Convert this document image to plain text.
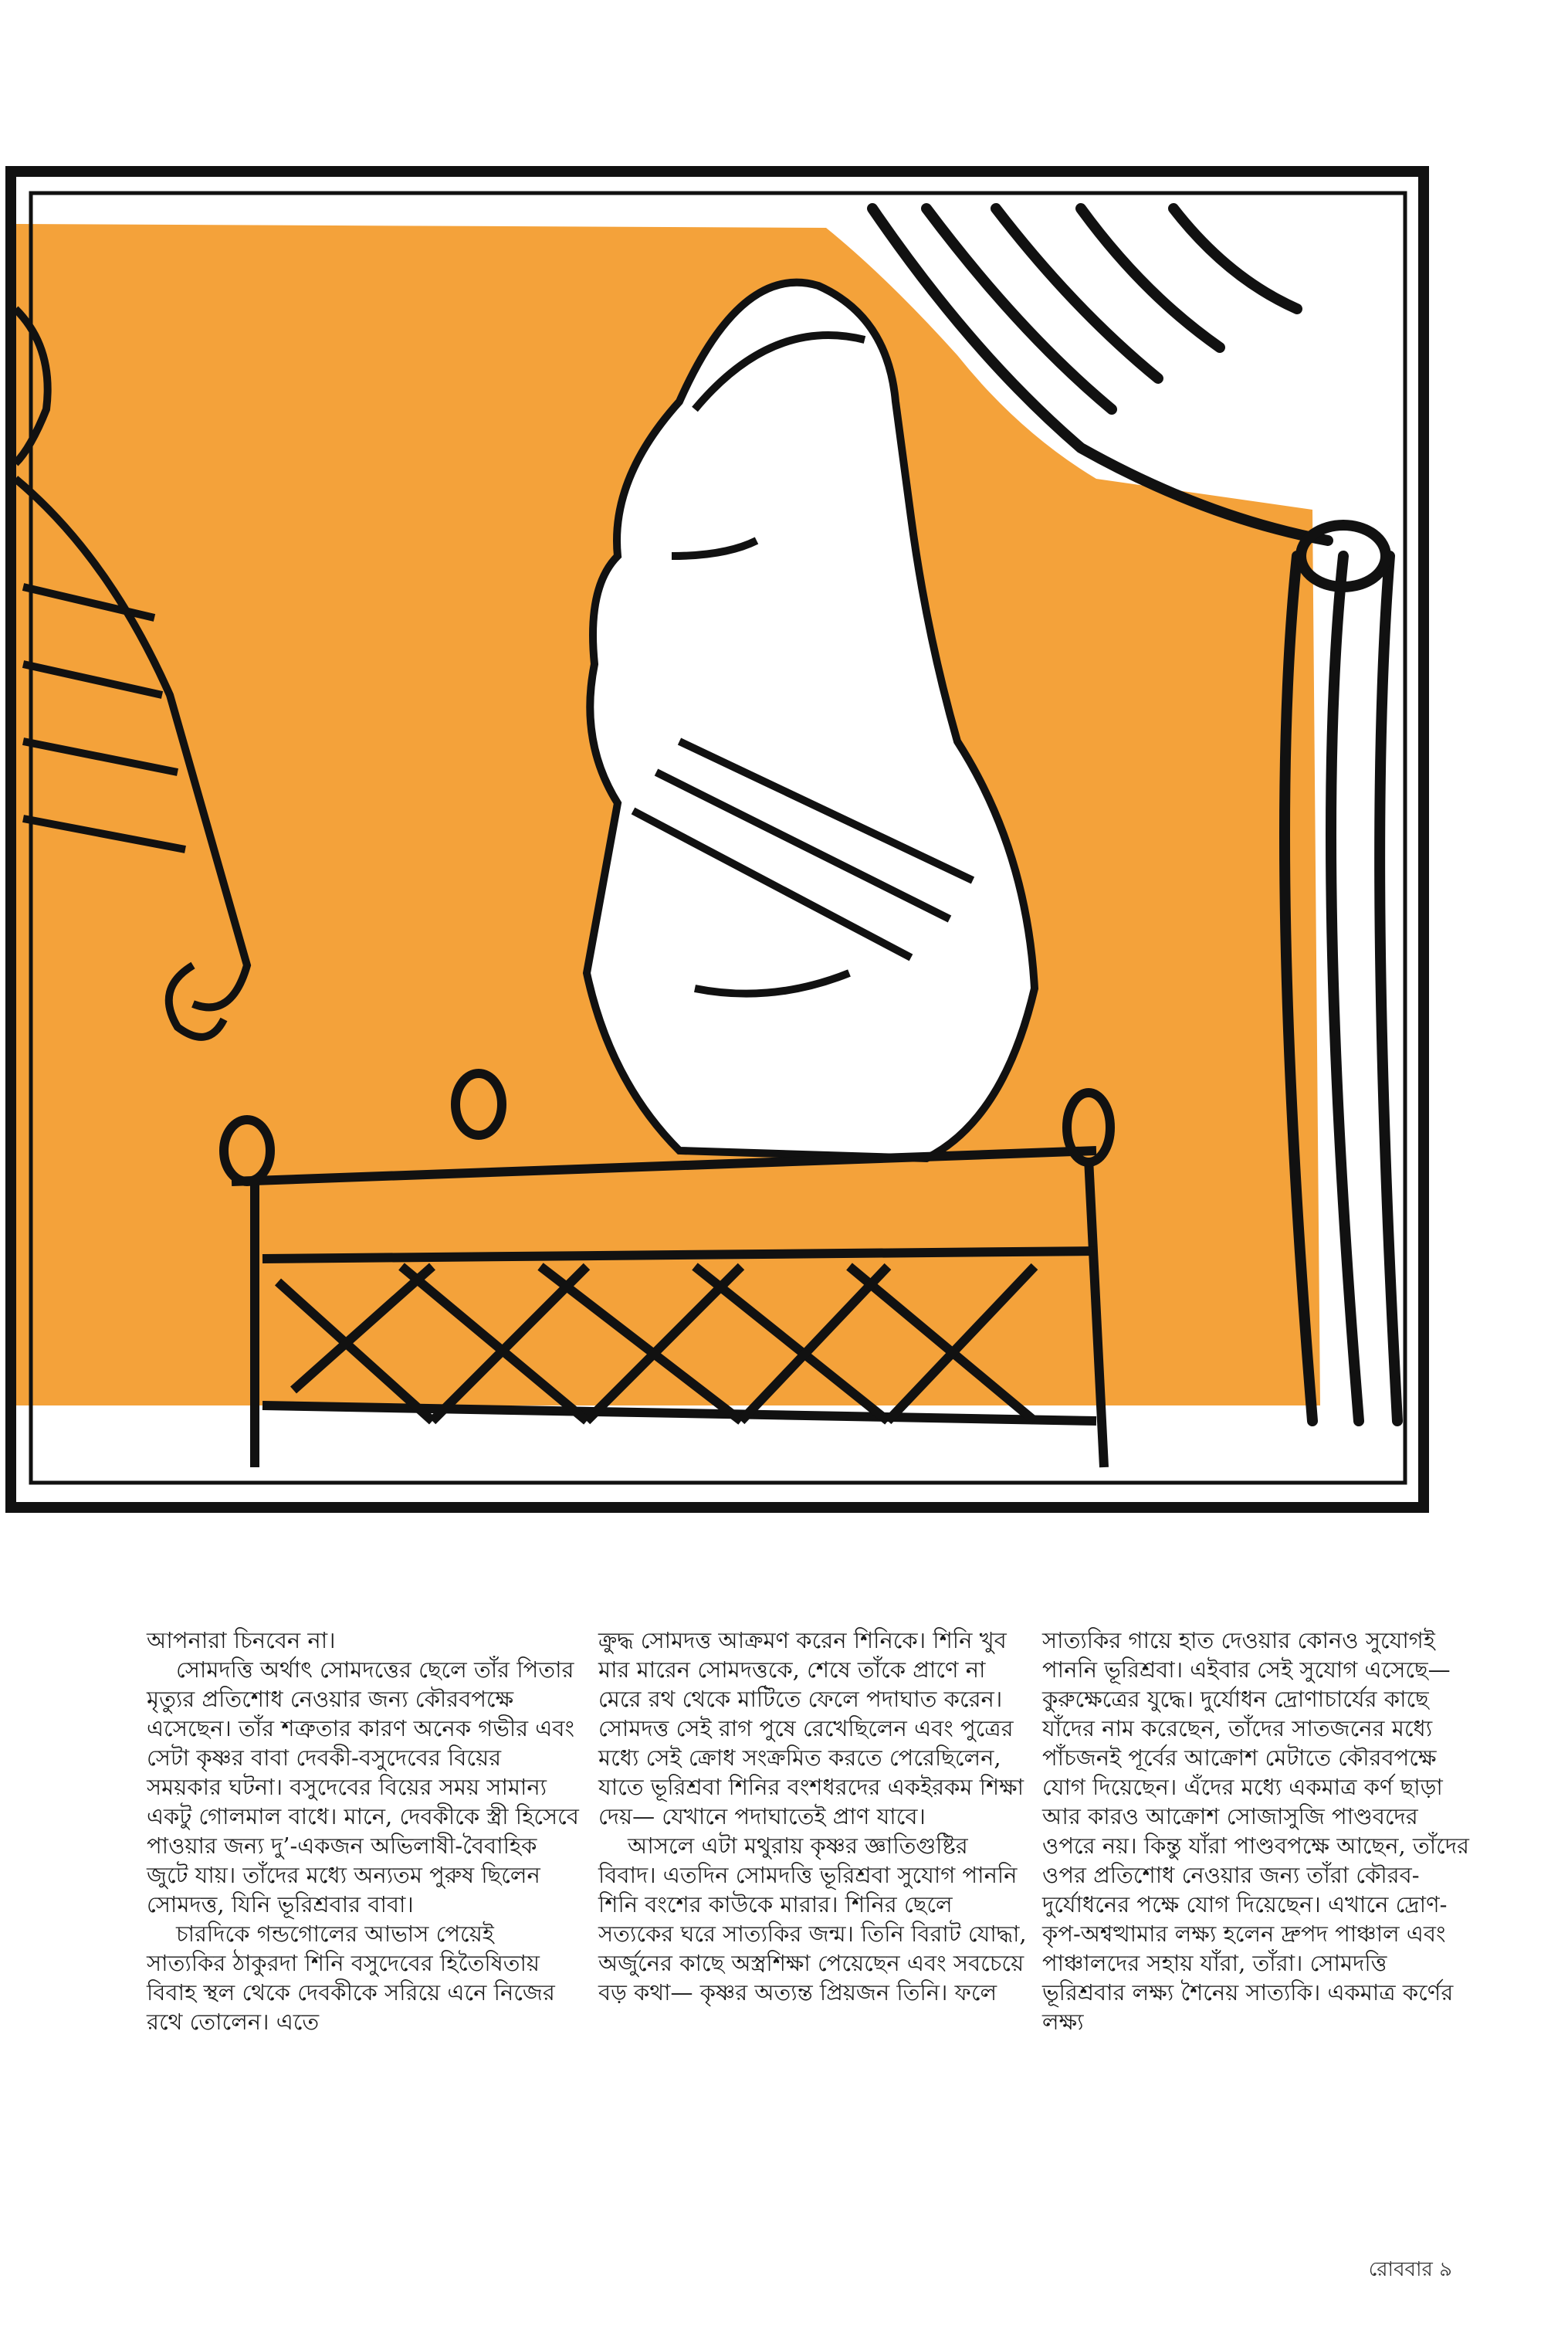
আপনারা চিনবেন না।

সোমদত্তি অর্থাৎ সোমদত্তের ছেলে তাঁর পিতার মৃত্যুর প্রতিশোধ নেওয়ার জন্য কৌরবপক্ষে এসেছেন। তাঁর শত্রুতার কারণ অনেক গভীর এবং সেটা কৃষ্ণর বাবা দেবকী-বসুদেবের বিয়ের সময়কার ঘটনা। বসুদেবের বিয়ের সময় সামান্য একটু গোলমাল বাধে। মানে, দেবকীকে স্ত্রী হিসেবে পাওয়ার জন্য দু’-একজন অভিলাষী-বৈবাহিক জুটে যায়। তাঁদের মধ্যে অন্যতম পুরুষ ছিলেন সোমদত্ত, যিনি ভূরিশ্রবার বাবা।

চারদিকে গন্ডগোলের আভাস পেয়েই সাত্যকির ঠাকুরদা শিনি বসুদেবের হিতৈষিতায় বিবাহ স্থল থেকে দেবকীকে সরিয়ে এনে নিজের রথে তোলেন। এতে

ক্রুদ্ধ সোমদত্ত আক্রমণ করেন শিনিকে। শিনি খুব মার মারেন সোমদত্তকে, শেষে তাঁকে প্রাণে না মেরে রথ থেকে মাটিতে ফেলে পদাঘাত করেন। সোমদত্ত সেই রাগ পুষে রেখেছিলেন এবং পুত্রের মধ্যে সেই ক্রোধ সংক্রমিত করতে পেরেছিলেন, যাতে ভূরিশ্রবা শিনির বংশধরদের একইরকম শিক্ষা দেয়— যেখানে পদাঘাতেই প্রাণ যাবে।

আসলে এটা মথুরায় কৃষ্ণর জ্ঞাতিগুষ্টির বিবাদ। এতদিন সোমদত্তি ভূরিশ্রবা সুযোগ পাননি শিনি বংশের কাউকে মারার। শিনির ছেলে সত্যকের ঘরে সাত্যকির জন্ম। তিনি বিরাট যোদ্ধা, অর্জুনের কাছে অস্ত্রশিক্ষা পেয়েছেন এবং সবচেয়ে বড় কথা— কৃষ্ণর অত্যন্ত প্রিয়জন তিনি। ফলে

সাত্যকির গায়ে হাত দেওয়ার কোনও সুযোগই পাননি ভূরিশ্রবা। এইবার সেই সুযোগ এসেছে— কুরুক্ষেত্রের যুদ্ধে। দুর্যোধন দ্রোণাচার্যের কাছে যাঁদের নাম করেছেন, তাঁদের সাতজনের মধ্যে পাঁচজনই পূর্বের আক্রোশ মেটাতে কৌরবপক্ষে যোগ দিয়েছেন। এঁদের মধ্যে একমাত্র কর্ণ ছাড়া আর কারও আক্রোশ সোজাসুজি পাণ্ডবদের ওপরে নয়। কিন্তু যাঁরা পাণ্ডবপক্ষে আছেন, তাঁদের ওপর প্রতিশোধ নেওয়ার জন্য তাঁরা কৌরব-দুর্যোধনের পক্ষে যোগ দিয়েছেন। এখানে দ্রোণ-কৃপ-অশ্বত্থামার লক্ষ্য হলেন দ্রুপদ পাঞ্চাল এবং পাঞ্চালদের সহায় যাঁরা, তাঁরা। সোমদত্তি ভূরিশ্রবার লক্ষ্য শৈনেয় সাত্যকি। একমাত্র কর্ণের লক্ষ্য

রোববার ৯
